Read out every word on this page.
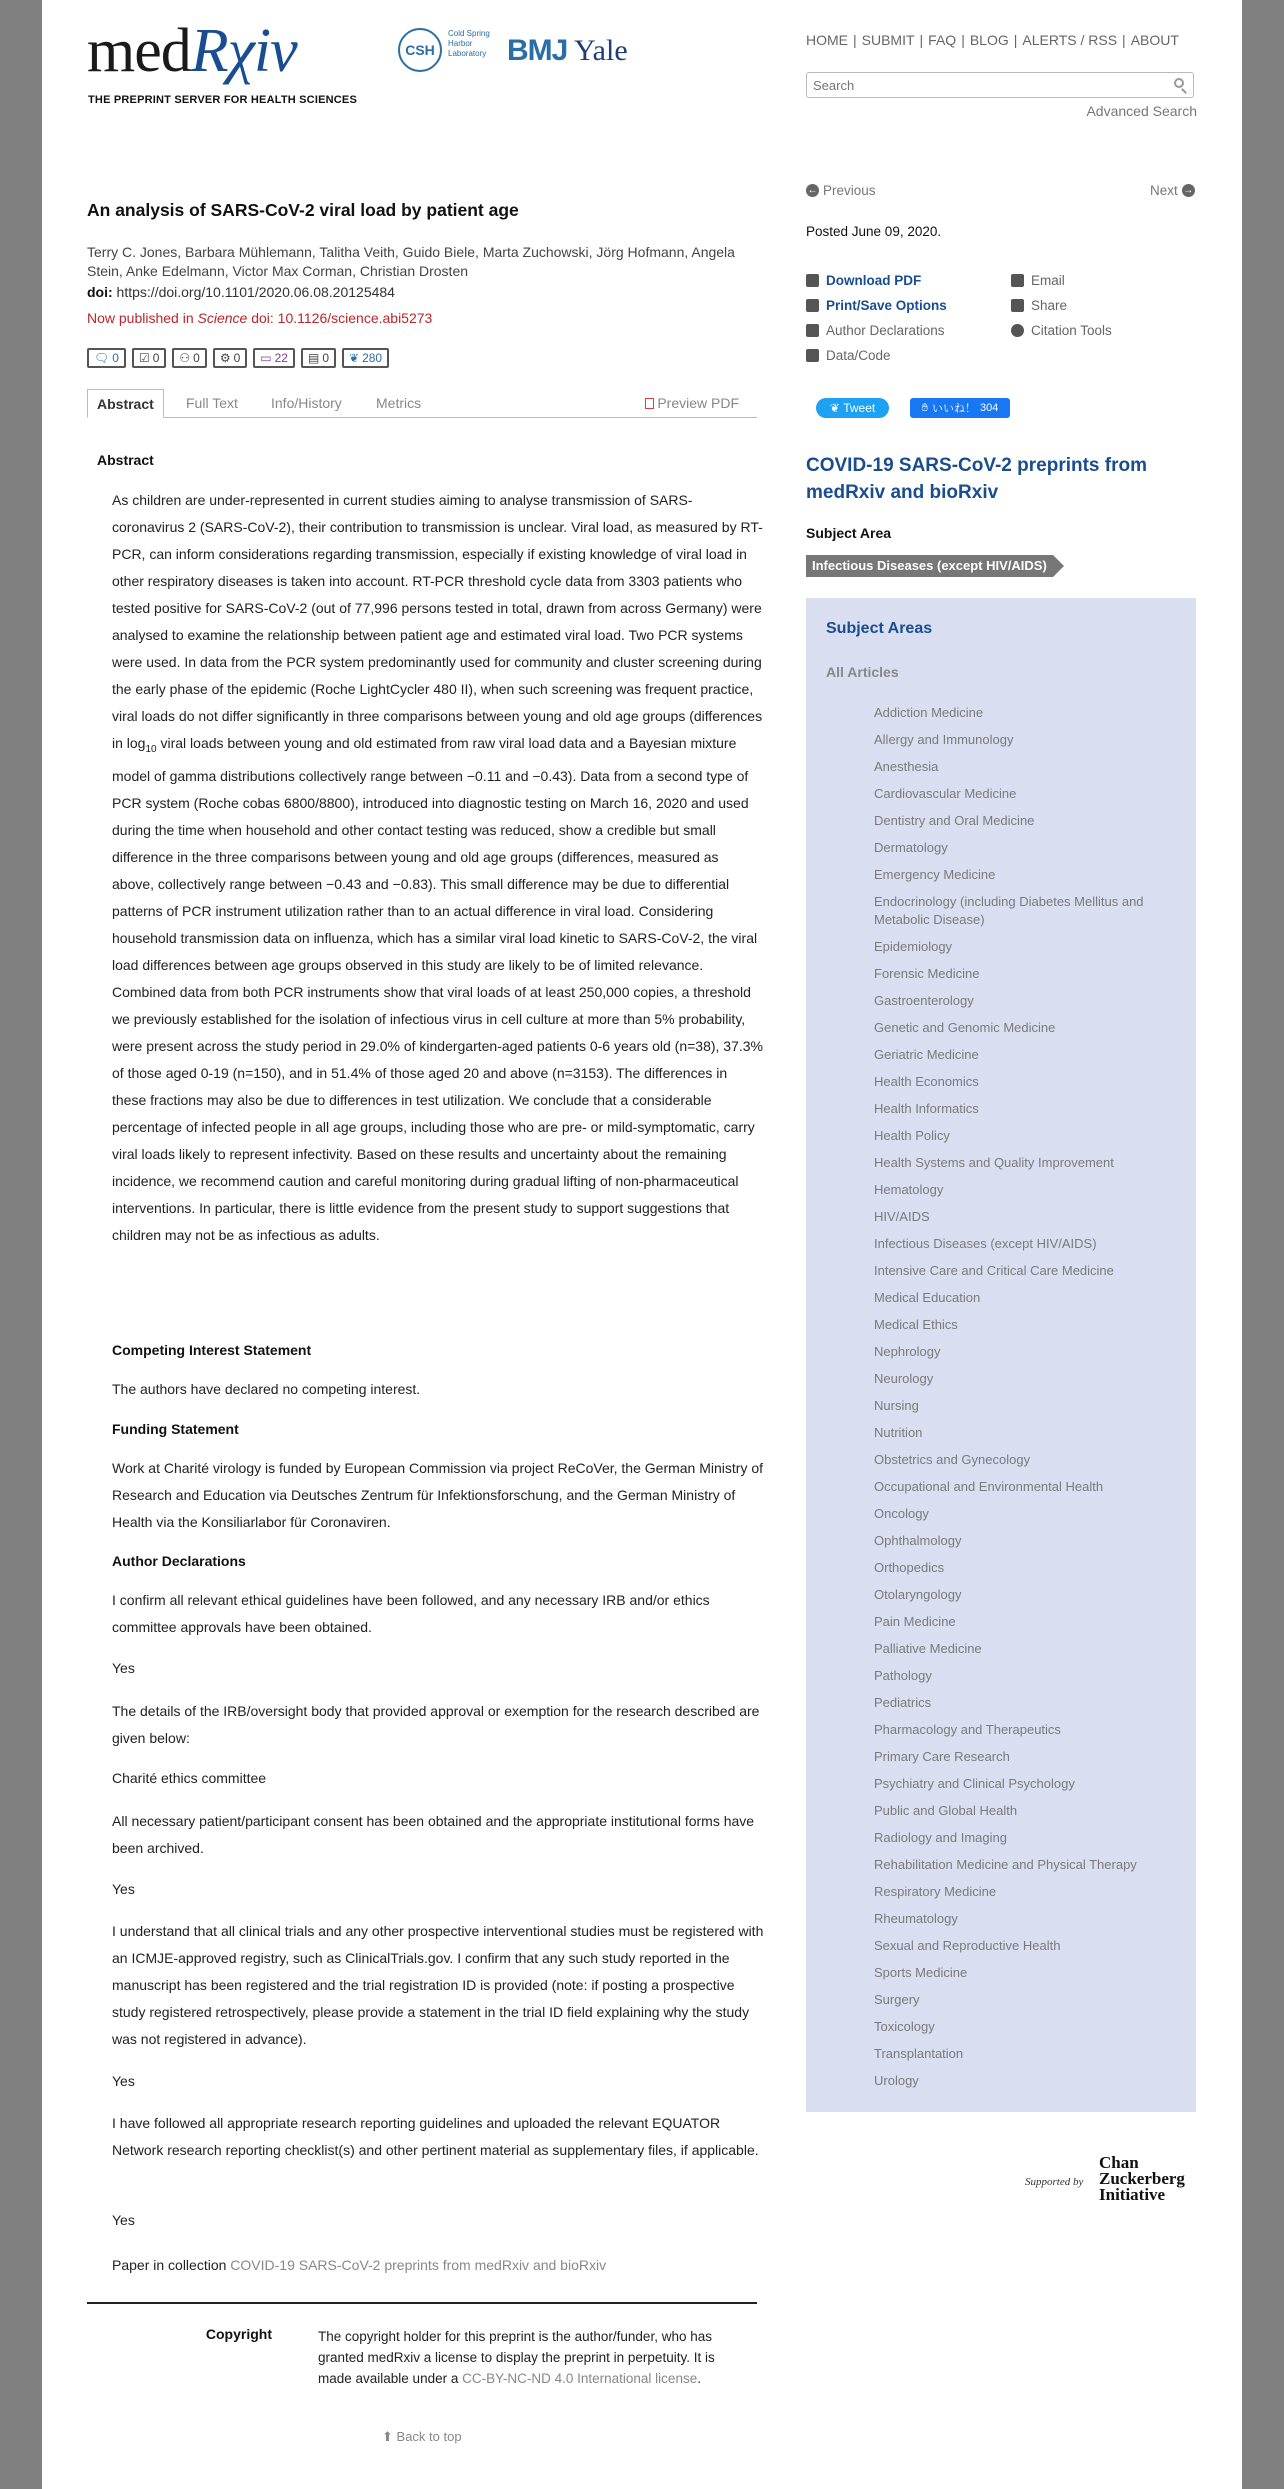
medRχiv
THE PREPRINT SERVER FOR HEALTH SCIENCES
CSH
Cold Spring Harbor Laboratory BMJ Yale	HOME | SUBMIT | FAQ | BLOG | ALERTS / RSS | ABOUT
Search
Advanced Search
An analysis of SARS-CoV-2 viral load by patient age
Terry C. Jones, Barbara Mühlemann, Talitha Veith, Guido Biele, Marta Zuchowski, Jörg Hofmann, Angela Stein, Anke Edelmann, Victor Max Corman, Christian Drosten
doi: https://doi.org/10.1101/2020.06.08.20125484
Now published in Science doi: 10.1126/science.abi5273
🗨︎ 0 ☑ 0 ⚇ 0 ⚙ 0 ▭ 22 ▤ 0 ❦ 280
Abstract	Full Text Info/History Metrics	Preview PDF
Abstract
As children are under-represented in current studies aiming to analyse transmission of SARS-coronavirus 2 (SARS-CoV-2), their contribution to transmission is unclear. Viral load, as measured by RT-PCR, can inform considerations regarding transmission, especially if existing knowledge of viral load in other respiratory diseases is taken into account. RT-PCR threshold cycle data from 3303 patients who tested positive for SARS-CoV-2 (out of 77,996 persons tested in total, drawn from across Germany) were analysed to examine the relationship between patient age and estimated viral load. Two PCR systems were used. In data from the PCR system predominantly used for community and cluster screening during the early phase of the epidemic (Roche LightCycler 480 II), when such screening was frequent practice, viral loads do not differ significantly in three comparisons between young and old age groups (differences in $\log_{10}$ viral loads between young and old estimated from raw viral load data and a Bayesian mixture model of gamma distributions collectively range between −0.11 and −0.43). Data from a second type of PCR system (Roche cobas 6800/8800), introduced into diagnostic testing on March 16, 2020 and used during the time when household and other contact testing was reduced, show a credible but small difference in the three comparisons between young and old age groups (differences, measured as above, collectively range between −0.43 and −0.83). This small difference may be due to differential patterns of PCR instrument utilization rather than to an actual difference in viral load. Considering household transmission data on influenza, which has a similar viral load kinetic to SARS-CoV-2, the viral load differences between age groups observed in this study are likely to be of limited relevance. Combined data from both PCR instruments show that viral loads of at least 250,000 copies, a threshold we previously established for the isolation of infectious virus in cell culture at more than 5% probability, were present across the study period in 29.0% of kindergarten-aged patients 0-6 years old (n=38), 37.3% of those aged 0-19 (n=150), and in 51.4% of those aged 20 and above (n=3153). The differences in these fractions may also be due to differences in test utilization. We conclude that a considerable percentage of infected people in all age groups, including those who are pre- or mild-symptomatic, carry viral loads likely to represent infectivity. Based on these results and uncertainty about the remaining incidence, we recommend caution and careful monitoring during gradual lifting of non-pharmaceutical interventions. In particular, there is little evidence from the present study to support suggestions that children may not be as infectious as adults.
Competing Interest Statement
The authors have declared no competing interest.
Funding Statement
Work at Charité virology is funded by European Commission via project ReCoVer, the German Ministry of Research and Education via Deutsches Zentrum für Infektionsforschung, and the German Ministry of Health via the Konsiliarlabor für Coronaviren.
Author Declarations
I confirm all relevant ethical guidelines have been followed, and any necessary IRB and/or ethics committee approvals have been obtained.
Yes
The details of the IRB/oversight body that provided approval or exemption for the research described are given below:
Charité ethics committee
All necessary patient/participant consent has been obtained and the appropriate institutional forms have been archived.
Yes
I understand that all clinical trials and any other prospective interventional studies must be registered with an ICMJE-approved registry, such as ClinicalTrials.gov. I confirm that any such study reported in the manuscript has been registered and the trial registration ID is provided (note: if posting a prospective study registered retrospectively, please provide a statement in the trial ID field explaining why the study was not registered in advance).
Yes
I have followed all appropriate research reporting guidelines and uploaded the relevant EQUATOR Network research reporting checklist(s) and other pertinent material as supplementary files, if applicable.
Yes
Paper in collection COVID-19 SARS-CoV-2 preprints from medRxiv and bioRxiv
Copyright	The copyright holder for this preprint is the author/funder, who has granted medRxiv a license to display the preprint in perpetuity. It is made available under a CC-BY-NC-ND 4.0 International license.
⬆︎ Back to top
← Previous	Next →
Posted June 09, 2020.
Download PDF
Print/Save Options
Author Declarations
Data/Code
Email
Share
Citation Tools
❦
Tweet	✋︎ いいね！ 304
COVID-19 SARS-CoV-2 preprints from medRxiv and bioRxiv
Subject Area
Infectious Diseases (except HIV/AIDS)
Subject Areas
All Articles
Addiction Medicine
Allergy and Immunology
Anesthesia
Cardiovascular Medicine
Dentistry and Oral Medicine
Dermatology
Emergency Medicine
Endocrinology (including Diabetes Mellitus and Metabolic Disease)
Epidemiology
Forensic Medicine
Gastroenterology
Genetic and Genomic Medicine
Geriatric Medicine
Health Economics
Health Informatics
Health Policy
Health Systems and Quality Improvement
Hematology
HIV/AIDS
Infectious Diseases (except HIV/AIDS)
Intensive Care and Critical Care Medicine
Medical Education
Medical Ethics
Nephrology
Neurology
Nursing
Nutrition
Obstetrics and Gynecology
Occupational and Environmental Health
Oncology
Ophthalmology
Orthopedics
Otolaryngology
Pain Medicine
Palliative Medicine
Pathology
Pediatrics
Pharmacology and Therapeutics
Primary Care Research
Psychiatry and Clinical Psychology
Public and Global Health
Radiology and Imaging
Rehabilitation Medicine and Physical Therapy
Respiratory Medicine
Rheumatology
Sexual and Reproductive Health
Sports Medicine
Surgery
Toxicology
Transplantation
Urology
Supported by
Chan Zuckerberg Initiative
